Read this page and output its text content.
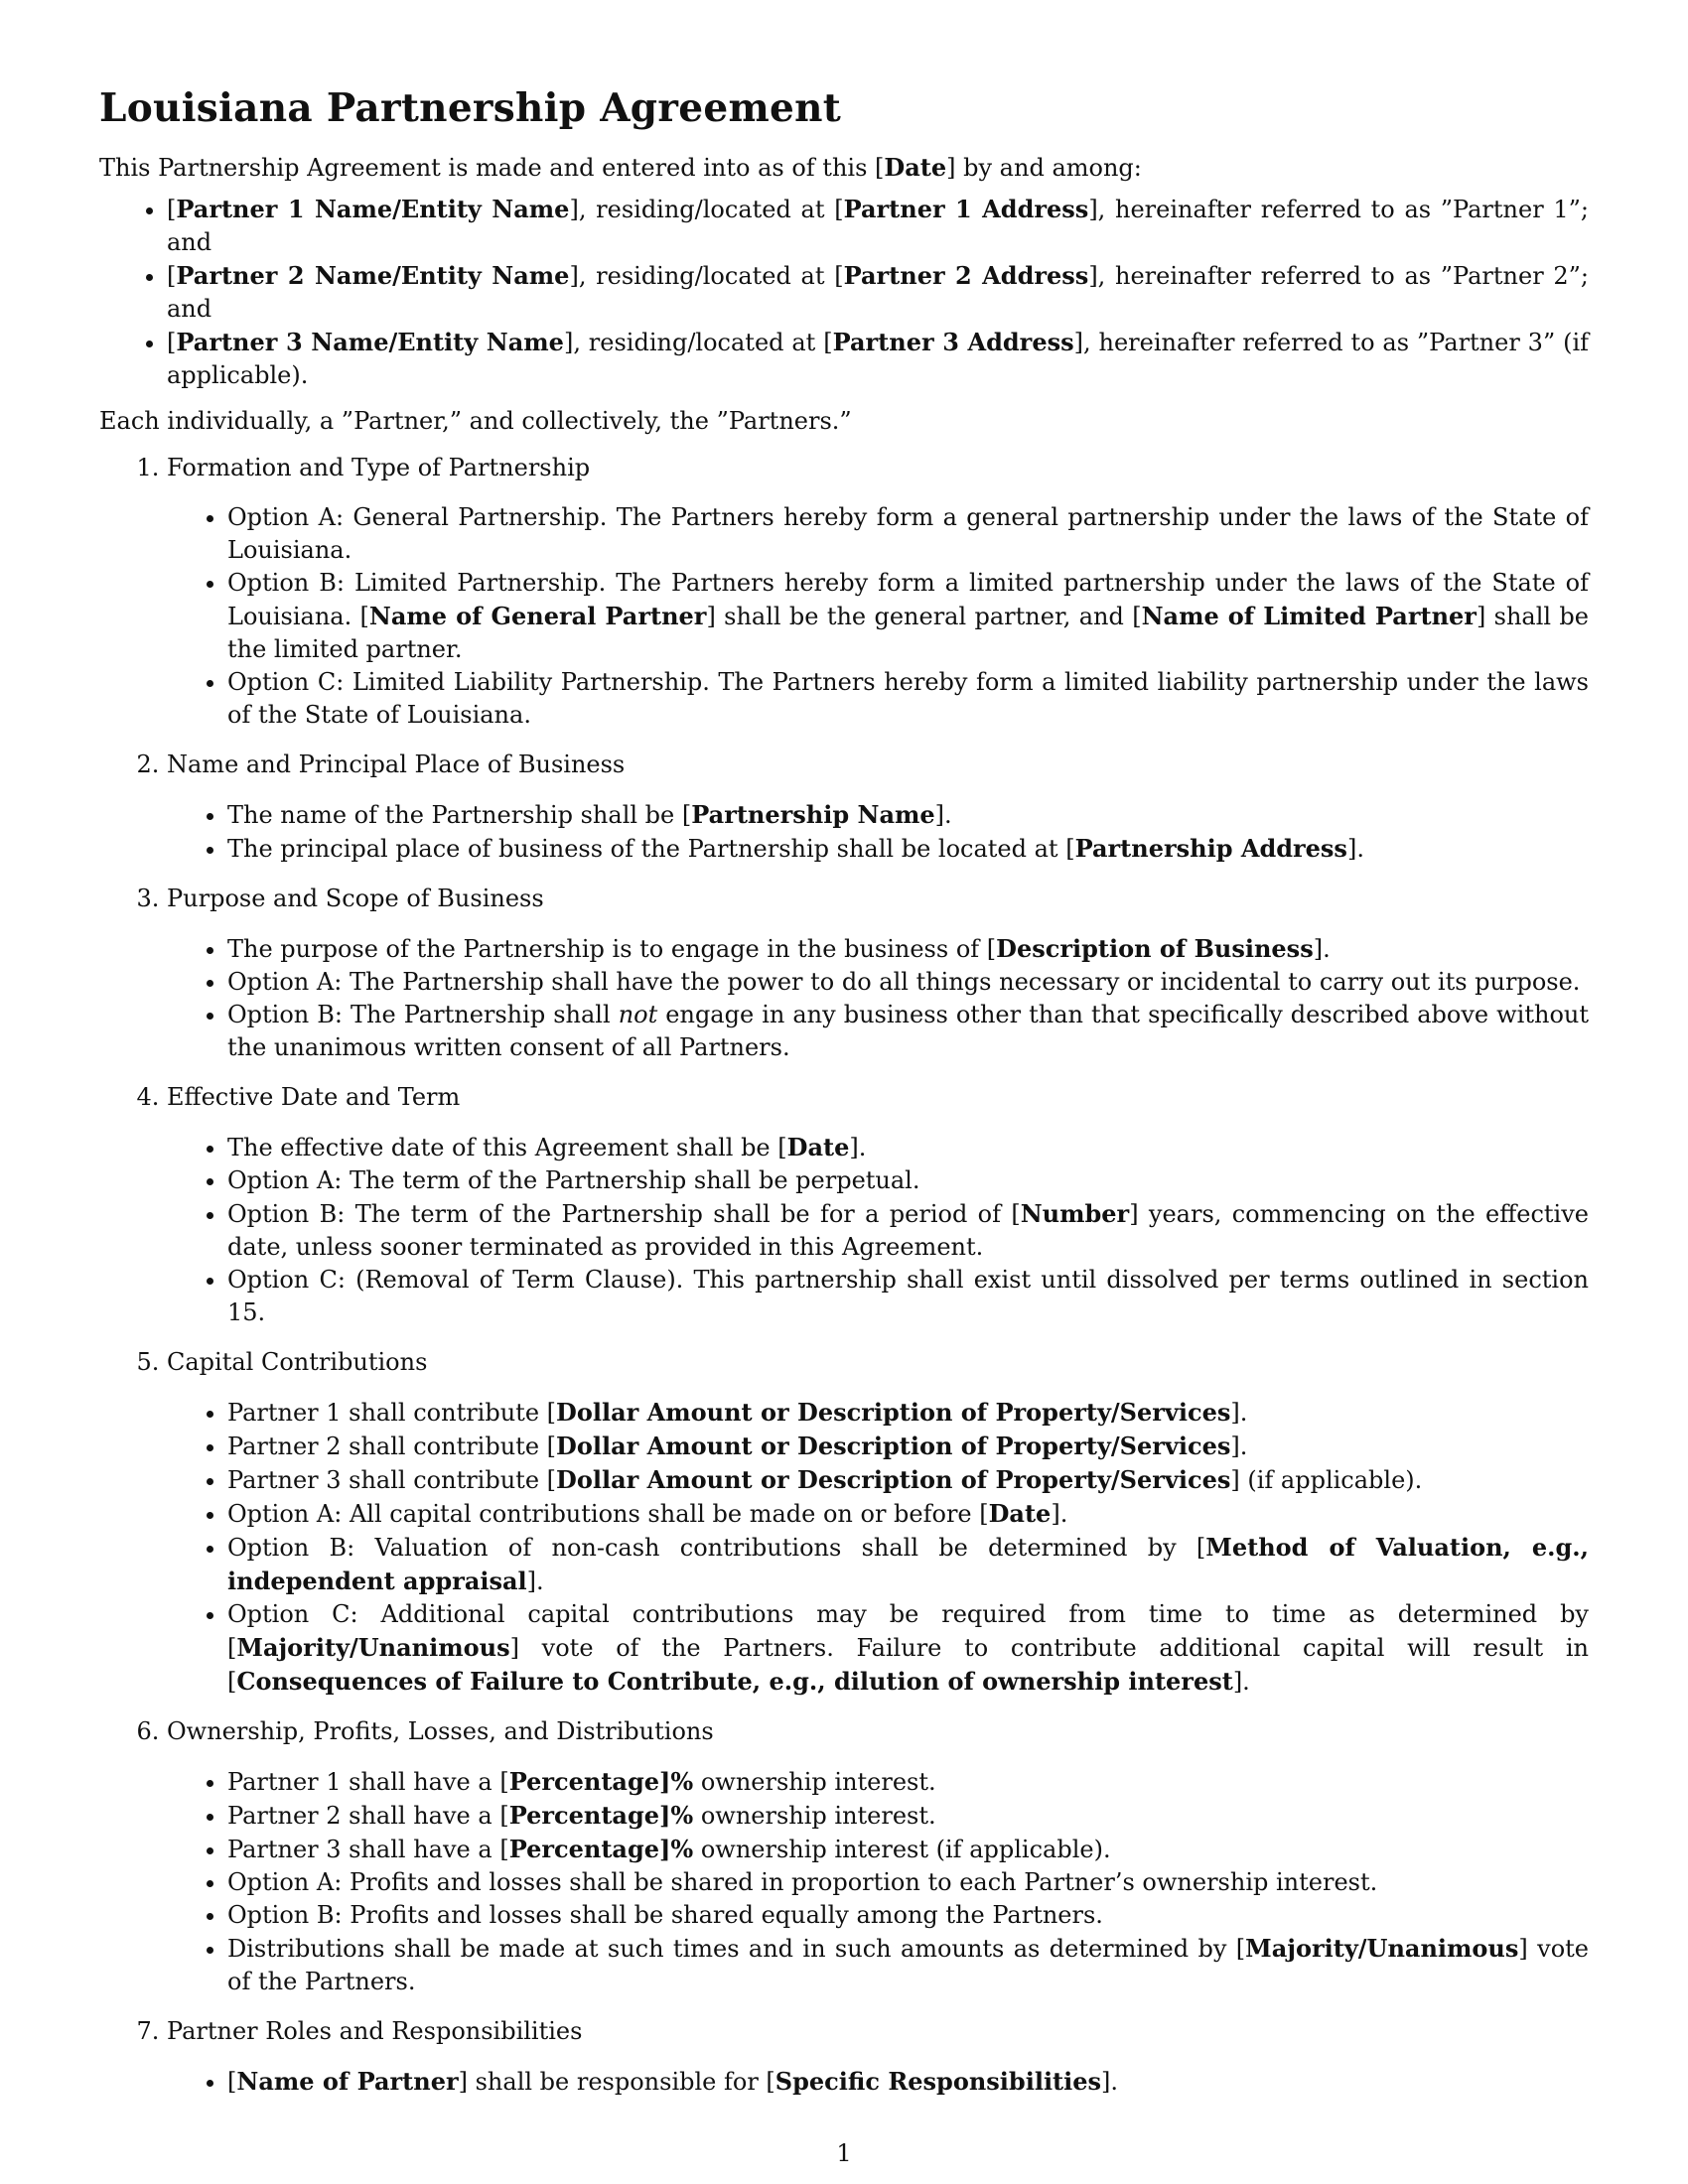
Louisiana Partnership Agreement

This Partnership Agreement is made and entered into as of this [Date] by and among:

• [Partner 1 Name/Entity Name], residing/located at [Partner 1 Address], hereinafter referred to as ”Partner 1”; and
• [Partner 2 Name/Entity Name], residing/located at [Partner 2 Address], hereinafter referred to as ”Partner 2”; and
• [Partner 3 Name/Entity Name], residing/located at [Partner 3 Address], hereinafter referred to as ”Partner 3” (if applicable).

Each individually, a ”Partner,” and collectively, the ”Partners.”

1. Formation and Type of Partnership
• Option A: General Partnership. The Partners hereby form a general partnership under the laws of the State of Louisiana.
• Option B: Limited Partnership. The Partners hereby form a limited partnership under the laws of the State of Louisiana. [Name of General Partner] shall be the general partner, and [Name of Limited Partner] shall be the limited partner.
• Option C: Limited Liability Partnership. The Partners hereby form a limited liability partnership under the laws of the State of Louisiana.
2. Name and Principal Place of Business
• The name of the Partnership shall be [Partnership Name].
• The principal place of business of the Partnership shall be located at [Partnership Address].
3. Purpose and Scope of Business
• The purpose of the Partnership is to engage in the business of [Description of Business].
• Option A: The Partnership shall have the power to do all things necessary or incidental to carry out its purpose.
• Option B: The Partnership shall not engage in any business other than that specifically described above without the unanimous written consent of all Partners.
4. Effective Date and Term
• The effective date of this Agreement shall be [Date].
• Option A: The term of the Partnership shall be perpetual.
• Option B: The term of the Partnership shall be for a period of [Number] years, commencing on the effective date, unless sooner terminated as provided in this Agreement.
• Option C: (Removal of Term Clause). This partnership shall exist until dissolved per terms outlined in section 15.
5. Capital Contributions
• Partner 1 shall contribute [Dollar Amount or Description of Property/Services].
• Partner 2 shall contribute [Dollar Amount or Description of Property/Services].
• Partner 3 shall contribute [Dollar Amount or Description of Property/Services] (if applicable).
• Option A: All capital contributions shall be made on or before [Date].
• Option B: Valuation of non-cash contributions shall be determined by [Method of Valuation, e.g., independent appraisal].
• Option C: Additional capital contributions may be required from time to time as determined by [Majority/Unanimous] vote of the Partners. Failure to contribute additional capital will result in [Consequences of Failure to Contribute, e.g., dilution of ownership interest].
6. Ownership, Profits, Losses, and Distributions
• Partner 1 shall have a [Percentage]% ownership interest.
• Partner 2 shall have a [Percentage]% ownership interest.
• Partner 3 shall have a [Percentage]% ownership interest (if applicable).
• Option A: Profits and losses shall be shared in proportion to each Partner’s ownership interest.
• Option B: Profits and losses shall be shared equally among the Partners.
• Distributions shall be made at such times and in such amounts as determined by [Majority/Unanimous] vote of the Partners.
7. Partner Roles and Responsibilities
• [Name of Partner] shall be responsible for [Specific Responsibilities].
1
